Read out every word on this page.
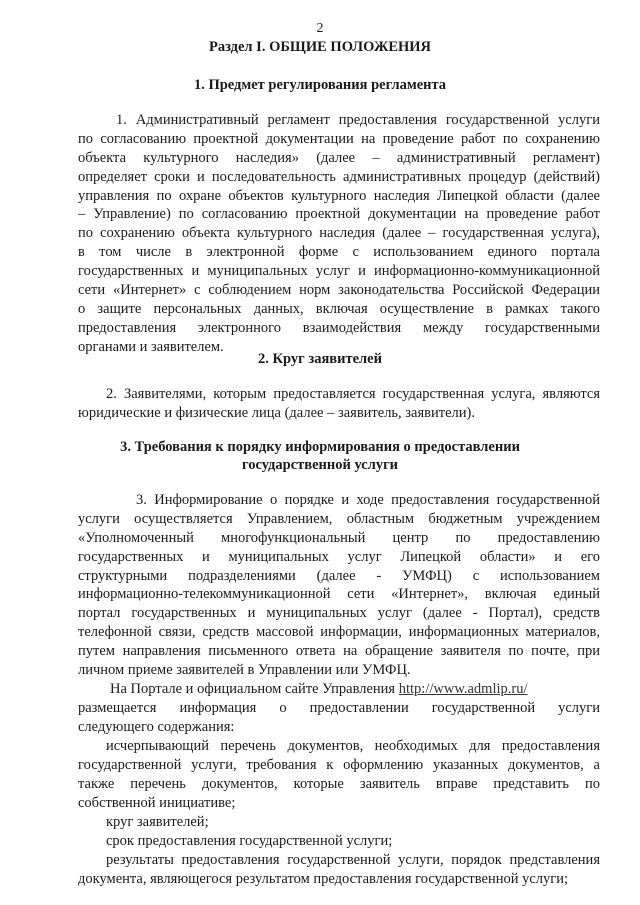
2
Раздел I. ОБЩИЕ ПОЛОЖЕНИЯ
1. Предмет регулирования регламента
1. Административный регламент предоставления государственной услуги
по согласованию проектной документации на проведение работ по сохранению
объекта культурного наследия» (далее – административный регламент)
определяет сроки и последовательность административных процедур (действий)
управления по охране объектов культурного наследия Липецкой области (далее
– Управление) по согласованию проектной документации на проведение работ
по сохранению объекта культурного наследия (далее – государственная услуга),
в том числе в электронной форме с использованием единого портала
государственных и муниципальных услуг и информационно-коммуникационной
сети «Интернет» с соблюдением норм законодательства Российской Федерации
о защите персональных данных, включая осуществление в рамках такого
предоставления электронного взаимодействия между государственными
органами и заявителем.
2. Круг заявителей
2. Заявителями, которым предоставляется государственная услуга, являются
юридические и физические лица (далее – заявитель, заявители).
3. Требования к порядку информирования о предоставлении
государственной услуги
3. Информирование о порядке и ходе предоставления государственной
услуги осуществляется Управлением, областным бюджетным учреждением
«Уполномоченный многофункциональный центр по предоставлению
государственных и муниципальных услуг Липецкой области» и его
структурными подразделениями (далее - УМФЦ) с использованием
информационно-телекоммуникационной сети «Интернет», включая единый
портал государственных и муниципальных услуг (далее - Портал), средств
телефонной связи, средств массовой информации, информационных материалов,
путем направления письменного ответа на обращение заявителя по почте, при
личном приеме заявителей в Управлении или УМФЦ.
На Портале и официальном сайте Управления http://www.admlip.ru/
размещается информация о предоставлении государственной услуги
следующего содержания:
исчерпывающий перечень документов, необходимых для предоставления
государственной услуги, требования к оформлению указанных документов, а
также перечень документов, которые заявитель вправе представить по
собственной инициативе;
круг заявителей;
срок предоставления государственной услуги;
результаты предоставления государственной услуги, порядок представления
документа, являющегося результатом предоставления государственной услуги;
